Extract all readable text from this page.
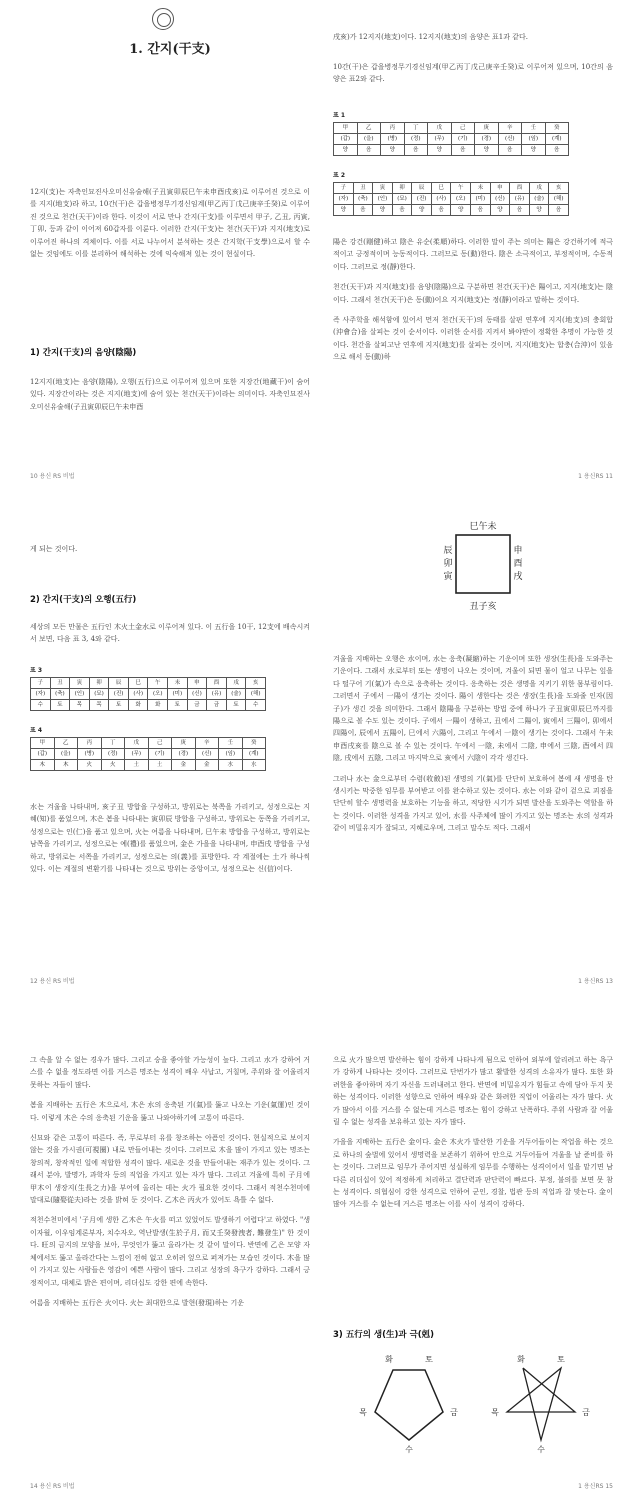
1. 간지(干支)

12지(支)는 자축인묘진사오미신유술해(子丑寅卯辰巳午未申酉戌亥)로 이루어진 것으로 이를 지지(地支)라 하고, 10간(干)은 갑을병정무기경신임계(甲乙丙丁戊己庚辛壬癸)로 이루어진 것으로 천간(天干)이라 한다. 이것이 서로 만나 간지(干支)를 이루면서 甲子, 乙丑, 丙寅, 丁卯, 등과 같이 이어져 60갑자를 이룬다. 이러한 간지(干支)는 천간(天干)과 지지(地支)로 이루어진 하나의 격체이다. 이를 서로 나누어서 분석하는 것은 간지학(干支學)으로서 할 수 없는 것임에도 이를 분리하여 해석하는 것에 익숙해져 있는 것이 현실이다.

1) 간지(干支)의 음양(陰陽)

12지지(地支)는 음양(陰陽), 오행(五行)으로 이루어져 있으며 또한 지장간(地藏干)이 숨어 있다. 지장간이라는 것은 지지(地支)에 숨어 있는 천간(天干)이라는 의미이다. 자축인묘진사오미신유술해(子丑寅卯辰巳午未申酉

10 용신 RS 비법

戌亥)가 12지지(地支)이다. 12지지(地支)의 음양은 표1과 같다.

10간(干)은 갑을병정무기경신임계(甲乙丙丁戊己庚辛壬癸)로 이루어져 있으며, 10간의 음양은 표2와 같다.

표 1
甲	乙	丙	丁	戊	己	庚	辛	壬	癸
(갑)	(을)	(병)	(정)	(무)	(기)	(경)	(신)	(임)	(계)
양	음	양	음	양	음	양	음	양	음
표 2
子	丑	寅	卯	辰	巳	午	未	申	酉	戌	亥
(자)	(축)	(인)	(묘)	(진)	(사)	(오)	(미)	(신)	(유)	(술)	(해)
양	음	양	음	양	음	양	음	양	음	양	음

陽은 강건(剛健)하고 陰은 유순(柔順)하다. 이러한 말이 주는 의미는 陽은 강건하기에 적극적이고 긍정적이며 능동적이다. 그러므로 동(動)한다. 陰은 소극적이고, 부정적이며, 수동적이다. 그러므로 정(靜)한다.

천간(天干)과 지지(地支)를 음양(陰陽)으로 구분하면 천간(天干)은 陽이고, 지지(地支)는 陰이다. 그래서 천간(天干)은 동(動)이요 지지(地支)는 정(靜)이라고 말하는 것이다.

즉 사주학을 해석함에 있어서 먼저 천간(天干)의 동태를 살핀 연후에 지지(地支)의 충회합(沖會合)을 살피는 것이 순서이다. 이러한 순서를 지켜서 봐야만이 정확한 추명이 가능한 것이다. 천간을 살피고난 연후에 지지(地支)를 살피는 것이며, 지지(地支)는 합충(合沖)이 있음으로 해서 동(動)하

1 용신RS 11

게 되는 것이다.

2) 간지(干支)의 오행(五行)

세상의 모든 만물은 五行인 木火土金水로 이루어져 있다. 이 五行을 10干, 12支에 배속시켜서 보면, 다음 표 3, 4와 같다.

표 3
子	丑	寅	卯	辰	巳	午	未	申	酉	戌	亥
(자)	(축)	(인)	(묘)	(진)	(사)	(오)	(미)	(신)	(유)	(술)	(해)
수	토	목	목	토	화	화	토	금	금	토	수
표 4
甲	乙	丙	丁	戊	己	庚	辛	壬	癸
(갑)	(을)	(병)	(정)	(무)	(기)	(경)	(신)	(임)	(계)
木	木	火	火	土	土	金	金	水	水

水는 겨울을 나타내며, 亥子丑 방합을 구성하고, 방위로는 북쪽을 가리키고, 성정으로는 지혜(知)를 품었으며, 木은 봄을 나타내는 寅卯辰 방합을 구성하고, 방위로는 동쪽을 가리키고, 성정으로는 인(仁)을 품고 있으며, 火는 여름을 나타내며, 巳午未 방합을 구성하고, 방위로는 남쪽을 가리키고, 성정으로는 예(禮)를 품었으며, 金은 가을을 나타내며, 申酉戌 방합을 구성하고, 방위로는 서쪽을 가리키고, 성정으로는 의(義)를 표방한다. 각 계절에는 土가 하나씩 있다. 이는 계절의 변환기를 나타내는 것으로 방위는 중앙이고, 성정으로는 신(信)이다.

12 용신 RS 비법
巳午未
辰
卯
寅
申
酉
戌
丑子亥

겨울을 지배하는 오행은 水이며, 水는 응축(凝縮)하는 기운이며 또한 생장(生長)을 도와주는 기운이다. 그래서 水로부터 또는 생명이 나오는 것이며, 겨울이 되면 물이 얼고 나무는 잎을 다 떨구어 기(氣)가 속으로 응축하는 것이다. 응축하는 것은 생명을 지키기 위한 몸부림이다. 그러면서 子에서 一陽이 생기는 것이다. 陽이 생한다는 것은 생장(生長)을 도와줄 인자(因子)가 생긴 것을 의미한다. 그래서 陰陽을 구분하는 방법 중에 하나가 子丑寅卯辰巳까지를 陽으로 볼 수도 있는 것이다. 子에서 一陽이 생하고, 丑에서 二陽이, 寅에서 三陽이, 卯에서 四陽이, 辰에서 五陽이, 巳에서 六陽이, 그리고 午에서 一陰이 생기는 것이다. 그래서 午未申酉戌亥를 陰으로 볼 수 있는 것이다. 午에서 一陰, 未에서 二陰, 申에서 三陰, 酉에서 四陰, 戌에서 五陰, 그리고 마지막으로 亥에서 六陰이 각각 생긴다.

그러나 水는 金으로부터 수렴(收斂)된 생명의 기(氣)를 단단히 보호하여 봄에 새 생명을 탄생시키는 막중한 임무를 부여받고 이를 완수하고 있는 것이다. 水는 이와 같이 겉으로 괴짐을 단단히 할수 생명력을 보호하는 기능을 하고, 적당한 시기가 되면 발산을 도와주는 역할을 하는 것이다. 이러한 성격을 가지고 있어, 水를 사주체에 많이 가지고 있는 명조는 水의 성격과 같이 비밀유지가 잘되고, 지혜로우며, 그리고 말수도 적다. 그래서

1 용신RS 13

그 속을 알 수 없는 경우가 많다. 그리고 승을 좋아할 가능성이 높다. 그리고 水가 강하여 거스를 수 없을 정도라면 이를 거스른 명조는 성격이 배우 사납고, 거칠며, 주위와 잘 어울리지 못하는 자들이 많다.

봄을 지배하는 五行은 木으로서, 木은 水의 응축된 기(氣)를 뚫고 나오는 기운(氣運)인 것이다. 이렇게 木은 수의 응축된 기운을 뚫고 나와야하기에 고통이 따른다.

신묘와 같은 고통이 따른다. 즉, 무로부터 유를 창조하는 아픔인 것이다. 현실적으로 보이지 않는 것을 가시권(可視圈) 내로 만들어내는 것이다. 그러므로 木을 많이 가지고 있는 명조는 창의적, 창작적인 일에 적합한 성격이 많다. 새로운 것을 만들어내는 재주가 있는 것이다. 그래서 분야, 발명가, 과학자 등의 직업을 가지고 있는 자가 많다. 그리고 겨울에 특히 子月에 甲木이 생장지(生長之力)을 부어에 올리는 데는 火가 필요한 것이다. 그래서 적천수천미에 말대로(隨娶從夫)라는 것을 밝혀 둔 것이다. 乙木은 丙火가 있어도 욕틀 수 없다.

적천수천미에서 '子月에 생한 乙木은 午火를 떠고 있었어도 발생하기 어렵다'고 하였다. "생이자월, 이우임계론부자, 치수자오, 역난발생(生於子月, 而又壬癸發洩者, 難發生)" 한 것이다. 旺의 금지의 모양을 보아, 무엇인가 뚫고 올라가는 것 같이 말이다. 반면에 乙은 모양 자체에서도 뚫고 올라간다는 느낌이 전혀 없고 오히려 엎으로 퍼져가는 모습인 것이다. 木을 많이 가지고 있는 사람들은 영감이 예쁜 사람이 많다. 그리고 성장의 욕구가 강하다. 그래서 긍정적이고, 대체로 밝은 편이며, 리더십도 강한 편에 속한다.

여름을 지배하는 五行은 火이다. 火는 최대한으로 발현(發現)하는 기운

14 용신 RS 비법

으로 火가 많으면 발산하는 힘이 강하게 나타나게 됨으로 인하여 외부에 알리려고 하는 욕구가 강하게 나타나는 것이다. 그러므로 단번가가 많고 활발한 성격의 소유자가 많다. 또한 화려한을 좋아하며 자기 자신을 드러내려고 한다. 반면에 비밀유지가 힘들고 속에 담아 두지 못하는 성격이다. 이러한 성향으로 인하여 배우와 같은 화려한 직업이 어울리는 자가 많다. 火가 많아서 이를 거스를 수 없는데 거스른 명조는 힘이 강하고 난폭하다. 주위 사람과 잘 어울릴 수 없는 성격을 보유하고 있는 자가 많다.

가을을 지배하는 五行은 金이다. 金은 木火가 발산한 기운을 거두어들이는 작업을 하는 것으로 하나의 숲벌에 있어서 생명력을 보존하기 위하여 안으로 거두어들여 겨울을 날 준비를 하는 것이다. 그러므로 임무가 주어지면 성실하게 임무를 수행하는 성격이어서 일을 맡기면 남다른 리더십이 있어 적정하게 처리하고 결단력과 판단력이 빠르다. 부정, 불의를 보면 못 참는 성격이다. 의협심이 강한 성격으로 인하여 군인, 경찰, 법관 등의 직업과 잘 맞는다. 金이 많아 거스를 수 없는데 거스른 명조는 이를 사이 성격이 강하다.

3) 五行의 생(生)과 극(剋)
화	토
목	금
수
화	토
목	금
수
1 용신RS 15
